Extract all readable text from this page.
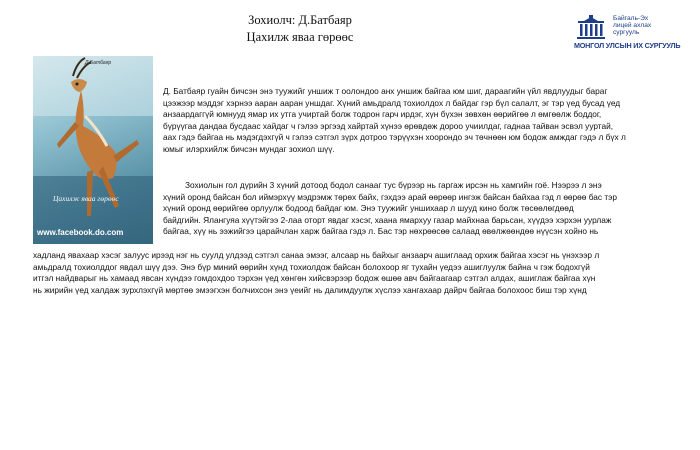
Зохиолч: Д.Батбаяр
Цахилж яваа гөрөөс
Байгаль-Эх
лицей ахлах
сургууль
МОНГОЛ УЛСЫН ИХ СУРГУУЛЬ
Д.Батбаяр
Цахилж яваа гөрөөс
www.facebook.do.com
Д. Батбаяр гуайн бичсэн энэ туужийг уншиж т оолондоо анх уншиж байгаа юм шиг, дараагийн үйл явдлуудыг бараг
цээжээр мэддэг хэрнээ ааран ааран уншдаг. Хүний амьдралд тохиолдох л байдаг гэр бүл салалт, эг тэр үед бусад үед
анзаардаггүй юмнууд ямар их утга учиртай болж тодрон гарч ирдэг, хүн бүхэн зөвхөн өөрийгөө л өмгөөлж боддог,
бүрүүгаа дандаа бусдаас хайдаг ч гэлээ эргээд хайртай хүнээ өрөвдөж дороо учиилдаг, гаднаа тайван эсвэл ууртай,
аах гэдэ байгаа нь мэдэгдэхгүй ч гэлээ сэтгэл зүрх дотроо тэрүүхэн хоорондо эч төчнөөн юм бодож амждаг гэдэ л бүх л
юмыг илэрхийлж бичсэн мундаг зохиол шүү.
Зохиолын гол дүрийн 3 хүний дотоод бодол санааг тус бүрээр нь гаргаж ирсэн нь хамгийн гоё. Нээрээ л энэ
хүний оронд байсан бол иймэрхүү мэдрэмж төрөх байх, гэхдээ арай өөрөөр ингэж байсан байхаа гэд л өөрөө бас тэр
хүний оронд өөрийгөө орлуулж бодоод байдаг юм. Энэ туужийг уншихаар л шууд кино болж төсөөлөгдөөд
байдгийн. Ялангуяа хүүтэйгээ 2-лаа оторт явдаг хэсэг, хаана ямархуу газар майхнаа барьсан, хүүдээ хэрхэн уурлаж
байгаа, хүү нь ээжийгээ царайчлан харж байгаа гэдэ л. Бас тэр нөхрөөсөө салаад өвөлжөөндөө нүүсэн хойно нь
хадланд явахаар хэсэг залуус ирээд нэг нь суулд улдээд сэтгэл санаа эмээг, алсаар нь байхыг анзаарч ашиглаад орхиж байгаа хэсэг нь үнэхээр л
амьдралд тохиолддог явдал шүү дээ. Энэ бүр миний өөрийн хүнд тохиолдож байсан болохоор яг тухайн үедээ ашиглуулж байна ч гэж бодохгүй
итгэл найдварыг нь хамаад явсан хүндээ гомдохдоо тэрхэн үед хөнгөн хийсвэрээр бодож өшөө авч байгаагаар сэтгэл алдах, ашиглаж байгаа хүн
нь жирийн үед халдаж зурхлэхгүй мөртөө эмээгхэн болчихсон энэ үеийг нь далимдуулж хүслээ хангахаар дайрч байгаа болохоос биш тэр хүнд
